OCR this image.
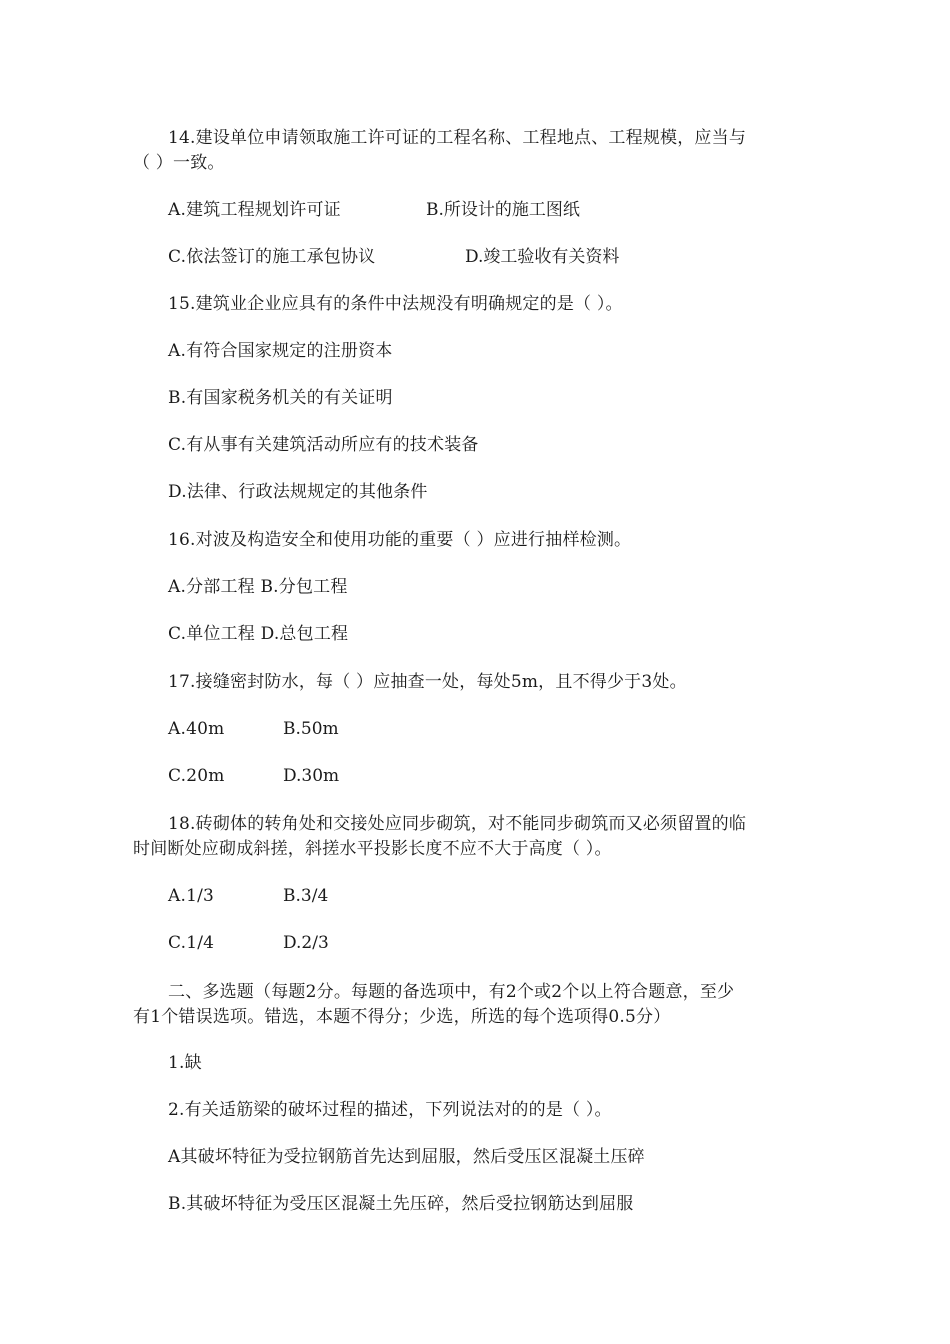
14.建设单位申请领取施工许可证的工程名称、工程地点、工程规模，应当与
（ ）一致。
A.建筑工程规划许可证	B.所设计的施工图纸
C.依法签订的施工承包协议	D.竣工验收有关资料
15.建筑业企业应具有的条件中法规没有明确规定的是（ ）。
A.有符合国家规定的注册资本
B.有国家税务机关的有关证明
C.有从事有关建筑活动所应有的技术装备
D.法律、行政法规规定的其他条件
16.对波及构造安全和使用功能的重要（ ）应进行抽样检测。
A.分部工程 B.分包工程
C.单位工程 D.总包工程
17.接缝密封防水，每（ ）应抽查一处，每处5m，且不得少于3处。
A.40m	B.50m
C.20m	D.30m
18.砖砌体的转角处和交接处应同步砌筑，对不能同步砌筑而又必须留置的临
时间断处应砌成斜搓，斜搓水平投影长度不应不大于高度（ ）。
A.1/3	B.3/4
C.1/4	D.2/3
二、多选题（每题2分。每题的备选项中，有2个或2个以上符合题意，至少
有1个错误选项。错选，本题不得分；少选，所选的每个选项得0.5分）
1.缺
2.有关适筋梁的破坏过程的描述，下列说法对的的是（ ）。
A其破坏特征为受拉钢筋首先达到屈服，然后受压区混凝土压碎
B.其破坏特征为受压区混凝土先压碎，然后受拉钢筋达到屈服
